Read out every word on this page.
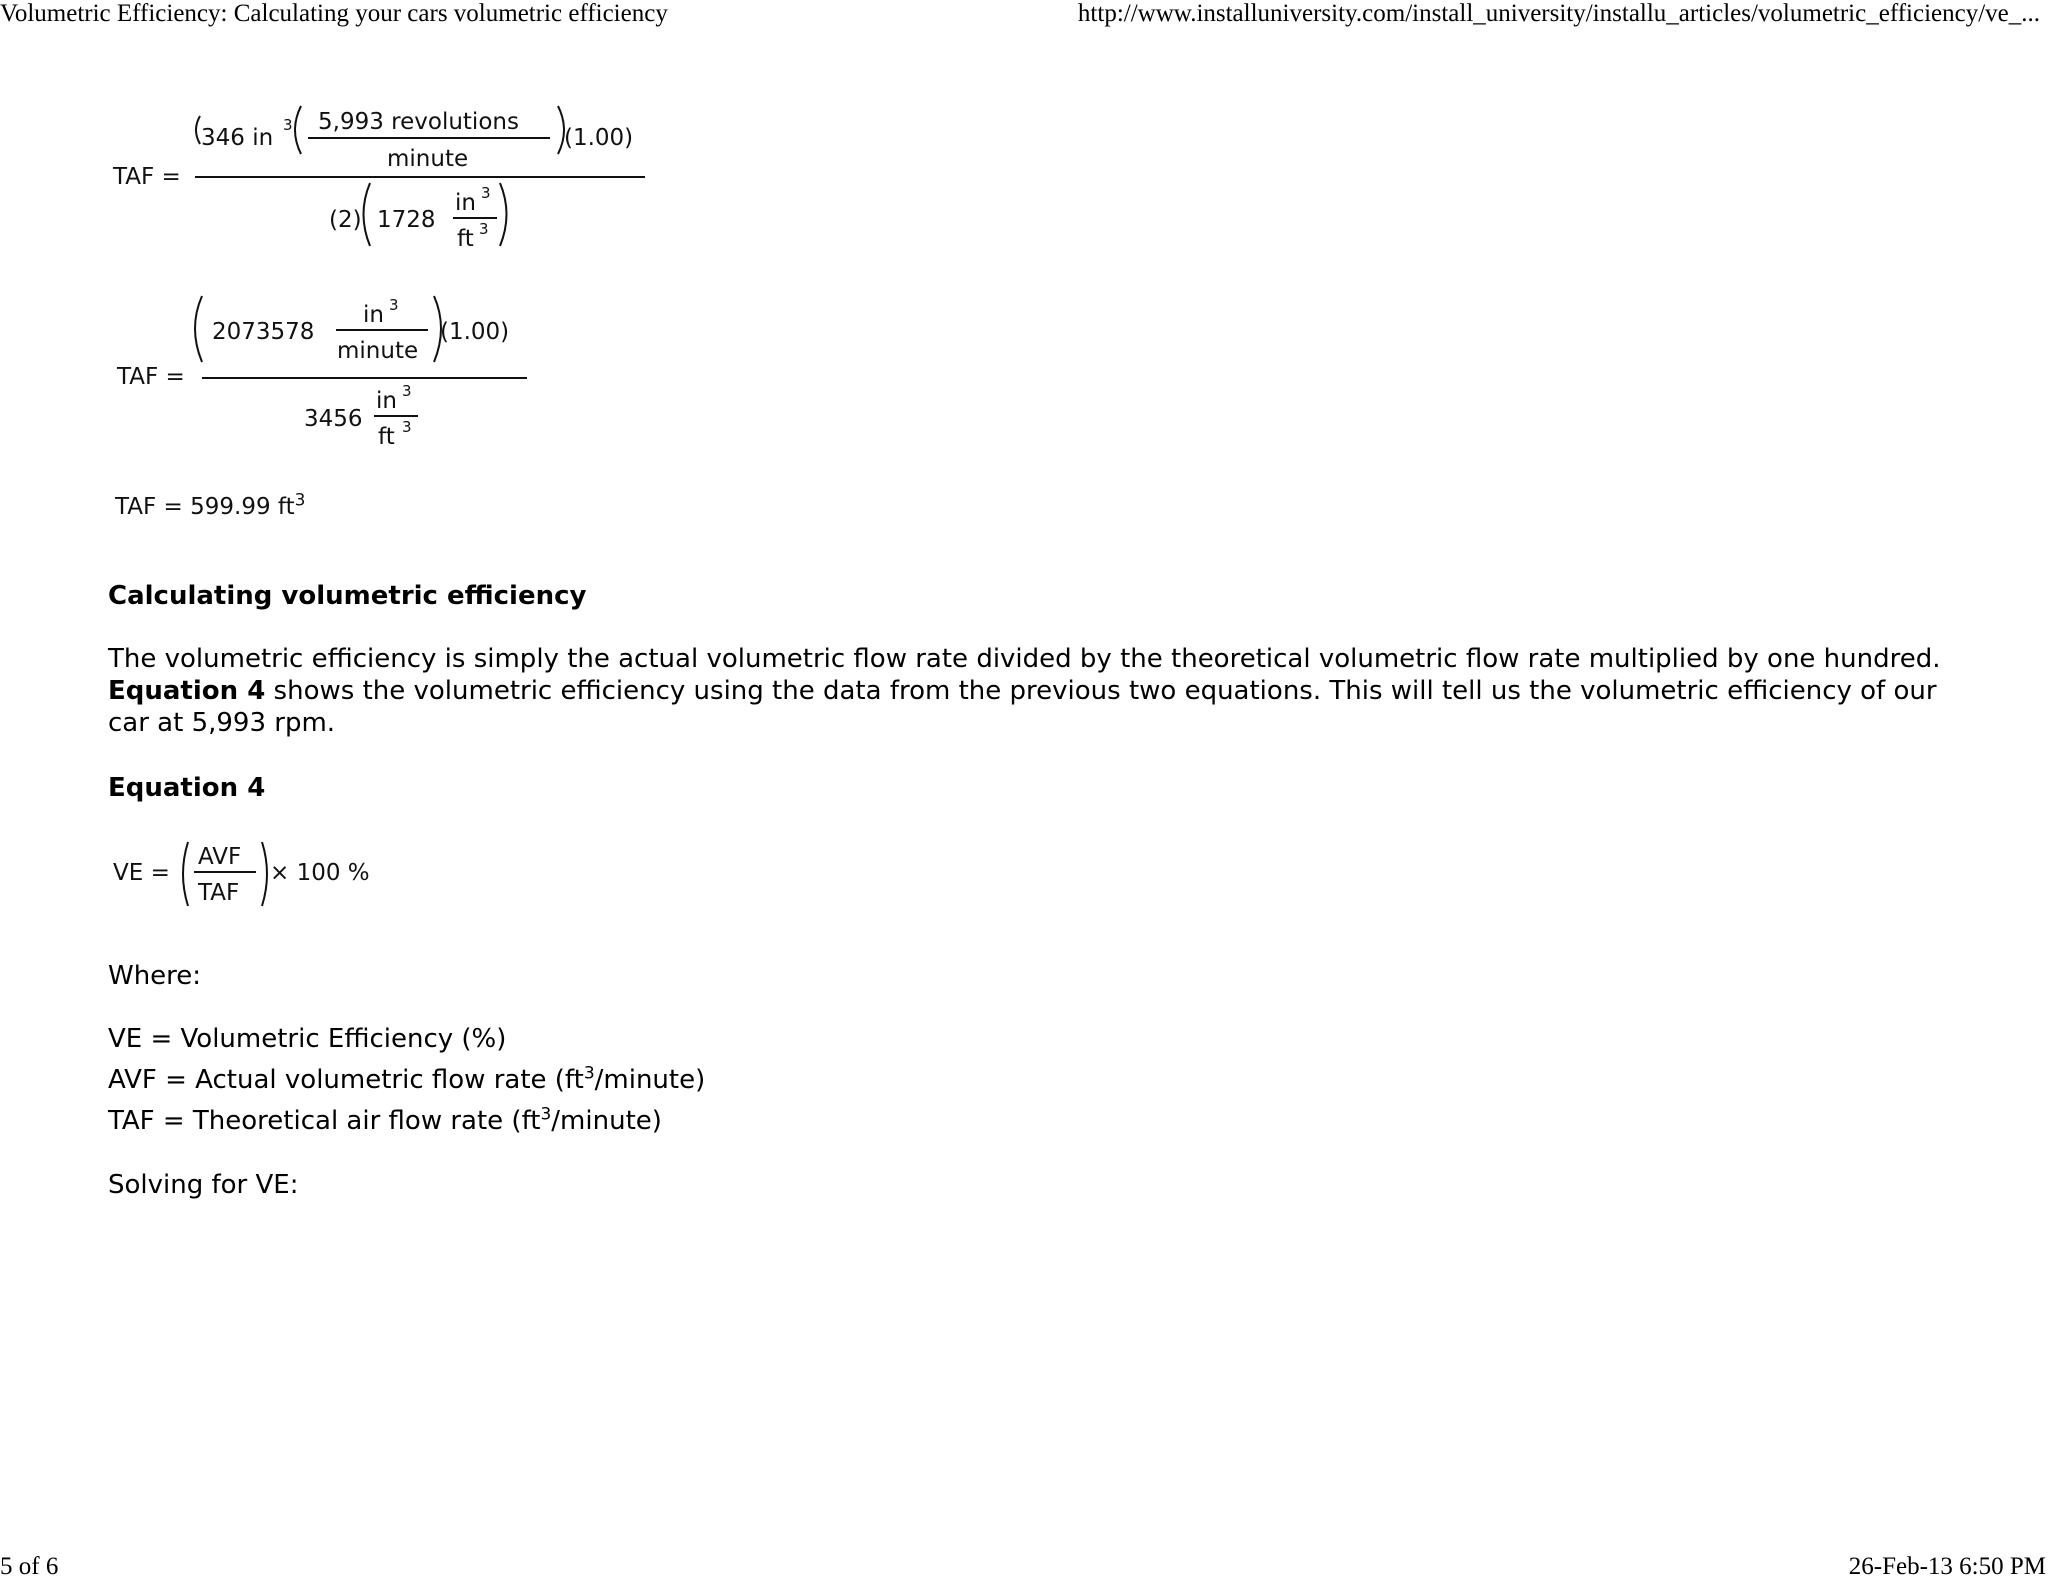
Volumetric Efficiency: Calculating your cars volumetric efficiency	http://www.installuniversity.com/install_university/installu_articles/volumetric_efficiency/ve_...
TAF =
346 in 3 5,993 revolutions
minute
(1.00)
(2) 1728
in 3
ft 3
TAF =
2073578
in 3
minute
(1.00)
3456
in 3
ft 3
TAF = 599.99 $ft^3$
Calculating volumetric efficiency
The volumetric efficiency is simply the actual volumetric flow rate divided by the theoretical volumetric flow rate multiplied by one hundred.
Equation 4 shows the volumetric efficiency using the data from the previous two equations. This will tell us the volumetric efficiency of our
car at 5,993 rpm.
Equation 4
VE =
AVF
TAF
× 100 %
Where:
VE = Volumetric Efficiency (%)
AVF = Actual volumetric flow rate $(ft^3/minute)$
TAF = Theoretical air flow rate $(ft^3/minute)$
Solving for VE:
5 of 6	26-Feb-13 6:50 PM
